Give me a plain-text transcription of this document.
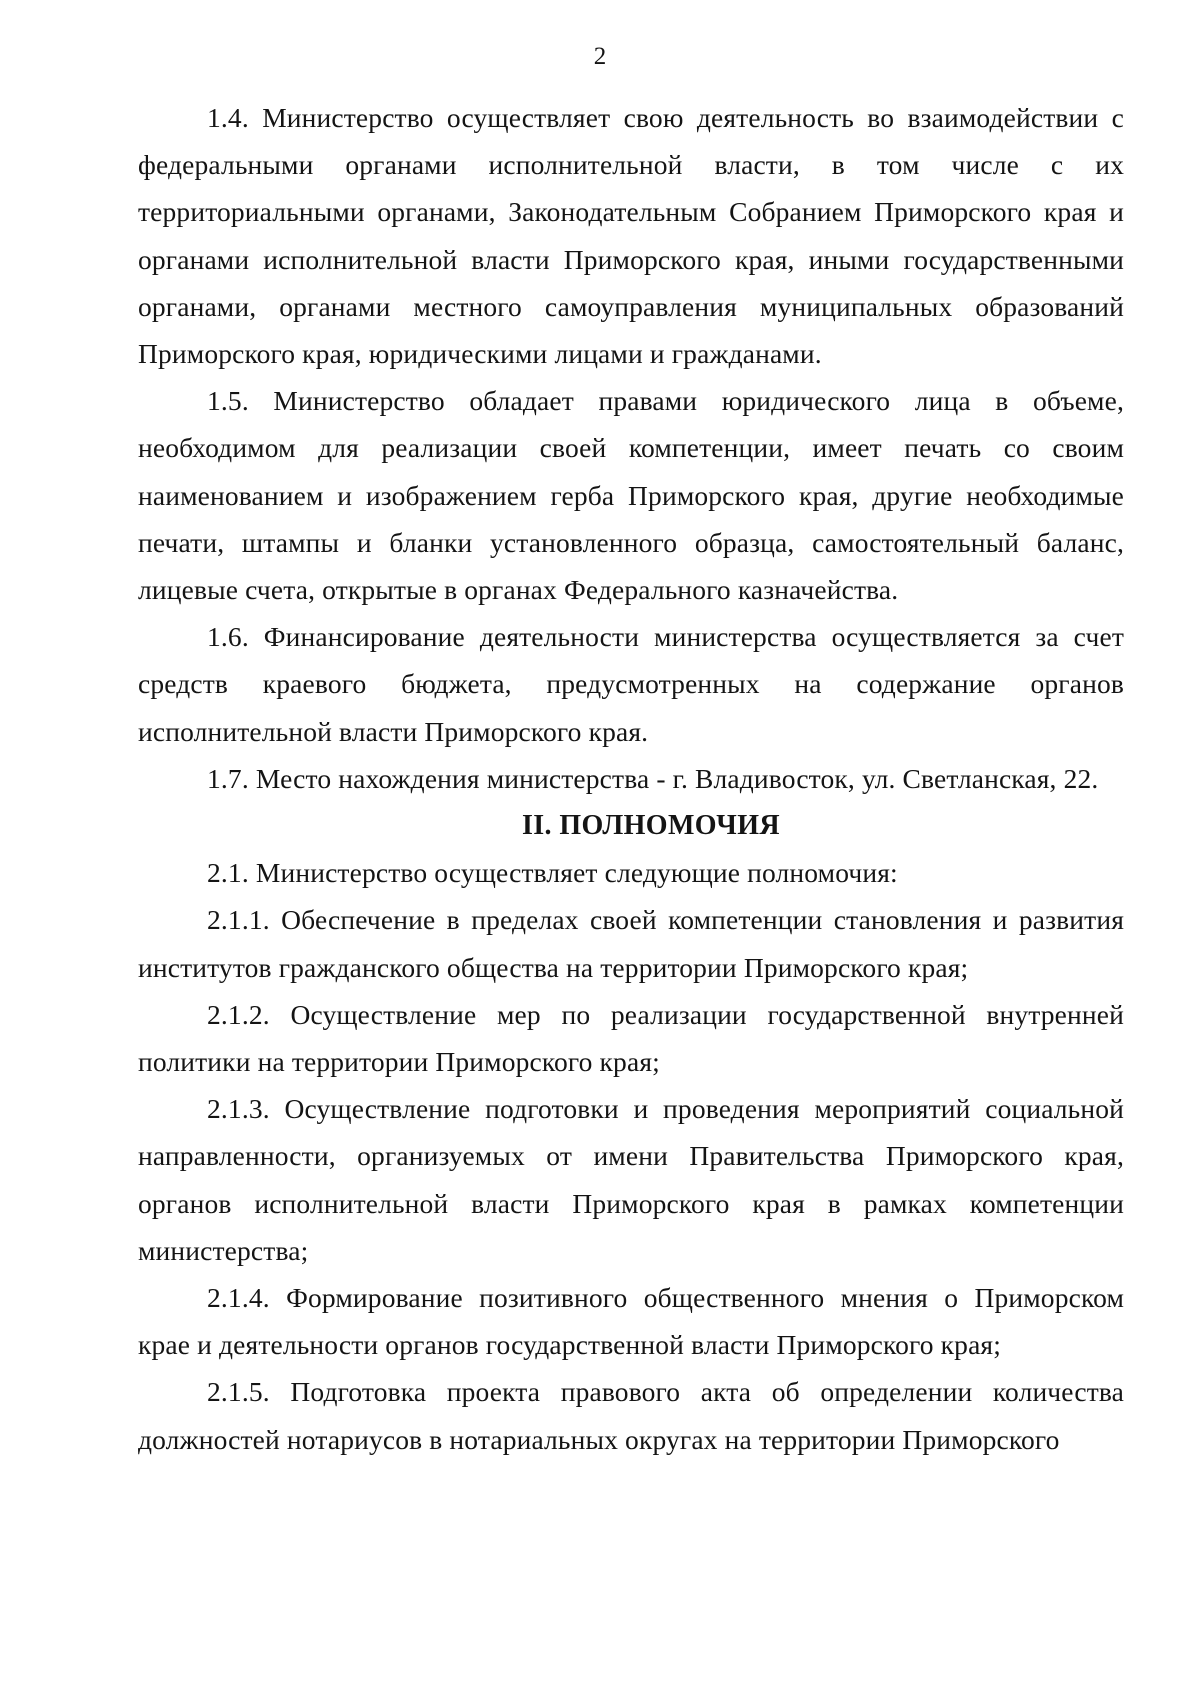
2

1.4. Министерство осуществляет свою деятельность во взаимодействии с федеральными органами исполнительной власти, в том числе с их территориальными органами, Законодательным Собранием Приморского края и органами исполнительной власти Приморского края, иными государственными органами, органами местного самоуправления муниципальных образований Приморского края, юридическими лицами и гражданами.

1.5. Министерство обладает правами юридического лица в объеме, необходимом для реализации своей компетенции, имеет печать со своим наименованием и изображением герба Приморского края, другие необходимые печати, штампы и бланки установленного образца, самостоятельный баланс, лицевые счета, открытые в органах Федерального казначейства.

1.6. Финансирование деятельности министерства осуществляется за счет средств краевого бюджета, предусмотренных на содержание органов исполнительной власти Приморского края.

1.7. Место нахождения министерства - г. Владивосток, ул. Светланская, 22.

II. ПОЛНОМОЧИЯ

2.1. Министерство осуществляет следующие полномочия:

2.1.1. Обеспечение в пределах своей компетенции становления и развития институтов гражданского общества на территории Приморского края;

2.1.2. Осуществление мер по реализации государственной внутренней политики на территории Приморского края;

2.1.3. Осуществление подготовки и проведения мероприятий социальной направленности, организуемых от имени Правительства Приморского края, органов исполнительной власти Приморского края в рамках компетенции министерства;

2.1.4. Формирование позитивного общественного мнения о Приморском крае и деятельности органов государственной власти Приморского края;

2.1.5. Подготовка проекта правового акта об определении количества должностей нотариусов в нотариальных округах на территории Приморского
